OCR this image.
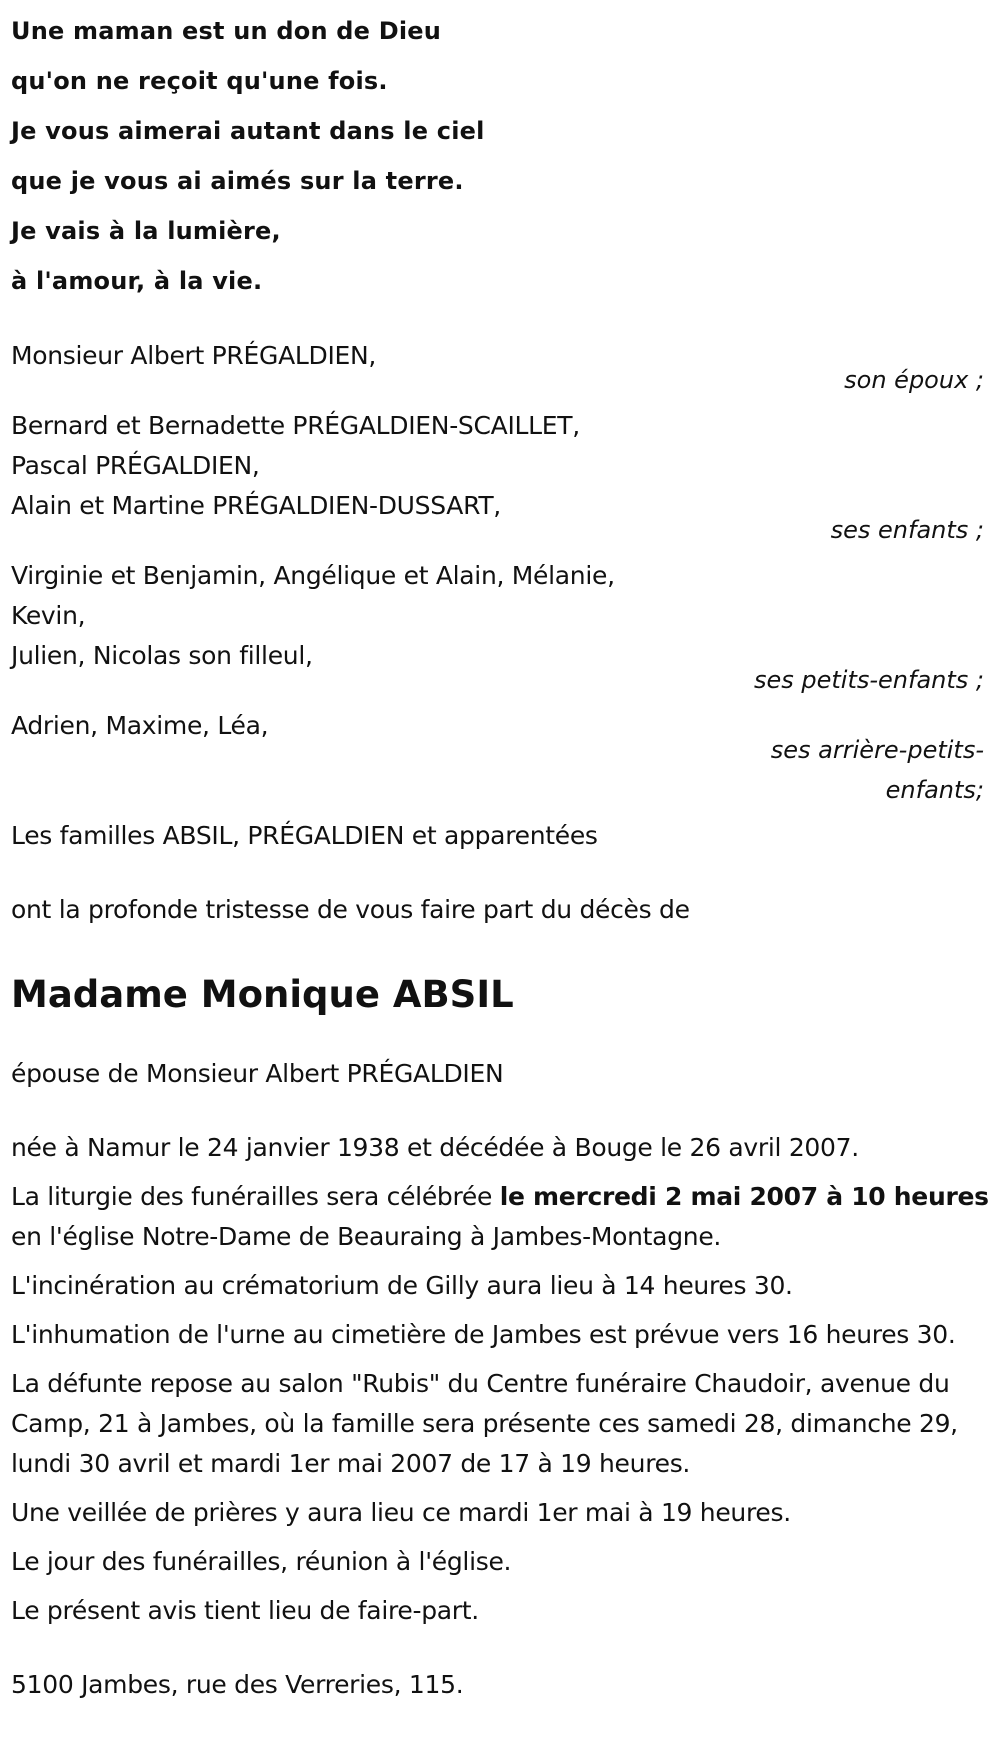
Une maman est un don de Dieu
qu'on ne reçoit qu'une fois.
Je vous aimerai autant dans le ciel
que je vous ai aimés sur la terre.
Je vais à la lumière,
à l'amour, à la vie.
Monsieur Albert PRÉGALDIEN,
son époux ;
Bernard et Bernadette PRÉGALDIEN-SCAILLET,
Pascal PRÉGALDIEN,
Alain et Martine PRÉGALDIEN-DUSSART,
ses enfants ;
Virginie et Benjamin, Angélique et Alain, Mélanie,
Kevin,
Julien, Nicolas son filleul,
ses petits-enfants ;
Adrien, Maxime, Léa,
ses arrière-petits-enfants;

Les familles ABSIL, PRÉGALDIEN et apparentées

ont la profonde tristesse de vous faire part du décès de

Madame Monique ABSIL

épouse de Monsieur Albert PRÉGALDIEN

née à Namur le 24 janvier 1938 et décédée à Bouge le 26 avril 2007.

La liturgie des funérailles sera célébrée le mercredi 2 mai 2007 à 10 heures en l'église Notre-Dame de Beauraing à Jambes-Montagne.

L'incinération au crématorium de Gilly aura lieu à 14 heures 30.

L'inhumation de l'urne au cimetière de Jambes est prévue vers 16 heures 30.

La défunte repose au salon "Rubis" du Centre funéraire Chaudoir, avenue du Camp, 21 à Jambes, où la famille sera présente ces samedi 28, dimanche 29, lundi 30 avril et mardi 1er mai 2007 de 17 à 19 heures.

Une veillée de prières y aura lieu ce mardi 1er mai à 19 heures.

Le jour des funérailles, réunion à l'église.

Le présent avis tient lieu de faire-part.

5100 Jambes, rue des Verreries, 115.
